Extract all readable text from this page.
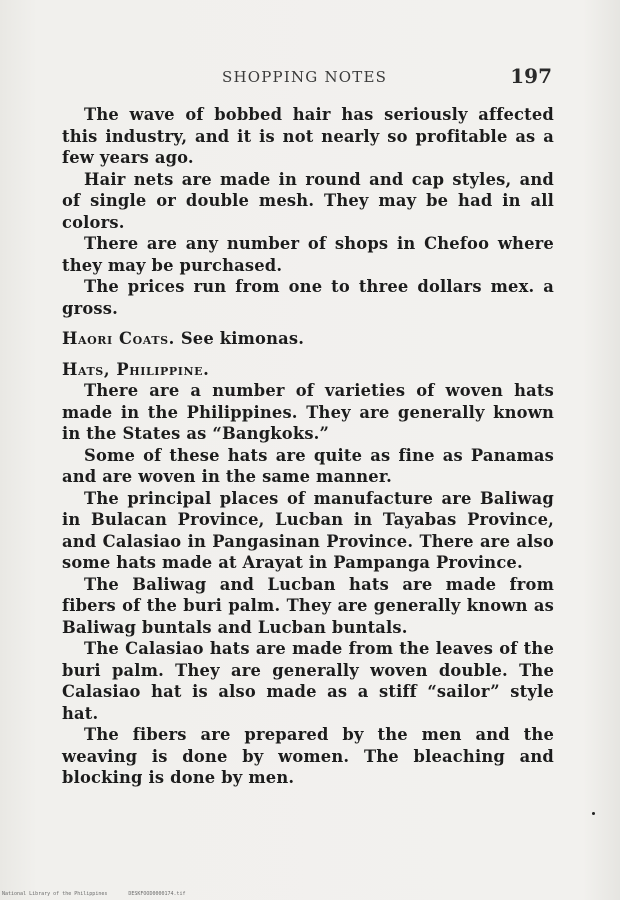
SHOPPING NOTES	197

The wave of bobbed hair has seriously affected this industry, and it is not nearly so profitable as a few years ago.

Hair nets are made in round and cap styles, and of single or double mesh. They may be had in all colors.

There are any number of shops in Chefoo where they may be purchased.

The prices run from one to three dollars mex. a gross.

Haori Coats. See kimonas.

Hats, Philippine.

There are a number of varieties of woven hats made in the Philippines. They are generally known in the States as “Bangkoks.”

Some of these hats are quite as fine as Panamas and are woven in the same manner.

The principal places of manufacture are Baliwag in Bulacan Province, Lucban in Tayabas Province, and Calasiao in Pangasinan Province. There are also some hats made at Arayat in Pampanga Province.

The Baliwag and Lucban hats are made from fibers of the buri palm. They are generally known as Baliwag buntals and Lucban buntals.

The Calasiao hats are made from the leaves of the buri palm. They are generally woven double. The Calasiao hat is also made as a stiff “sailor” style hat.

The fibers are prepared by the men and the weaving is done by women. The bleaching and blocking is done by men.

National Library of the Philippines	DESKFOOD0000174.tif
